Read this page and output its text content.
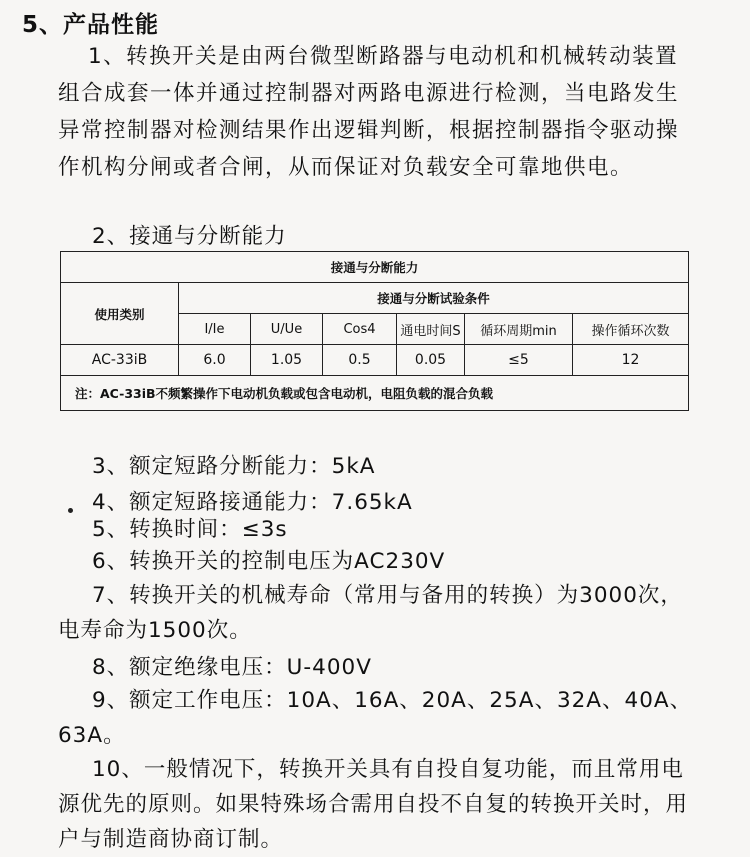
5、产品性能

1、转换开关是由两台微型断路器与电动机和机械转动装置组合成套一体并通过控制器对两路电源进行检测，当电路发生异常控制器对检测结果作出逻辑判断，根据控制器指令驱动操作机构分闸或者合闸，从而保证对负载安全可靠地供电。

2、接通与分断能力
接通与分断能力						
使用类别	接通与分断试验条件					
	I/Ie	U/Ue	Cos4	通电时间S	循环周期min	操作循环次数
AC-33iB	6.0	1.05	0.5	0.05	≤5	12
注：AC-33iB不频繁操作下电动机负载或包含电动机，电阻负载的混合负载						
3、额定短路分断能力：5kA
4、额定短路接通能力：7.65kA
5、转换时间：≤3s
6、转换开关的控制电压为AC230V
7、转换开关的机械寿命（常用与备用的转换）为3000次，电寿命为1500次。
8、额定绝缘电压：U-400V
9、额定工作电压：10A、16A、20A、25A、32A、40A、63A。
10、一般情况下，转换开关具有自投自复功能，而且常用电源优先的原则。如果特殊场合需用自投不自复的转换开关时，用户与制造商协商订制。
